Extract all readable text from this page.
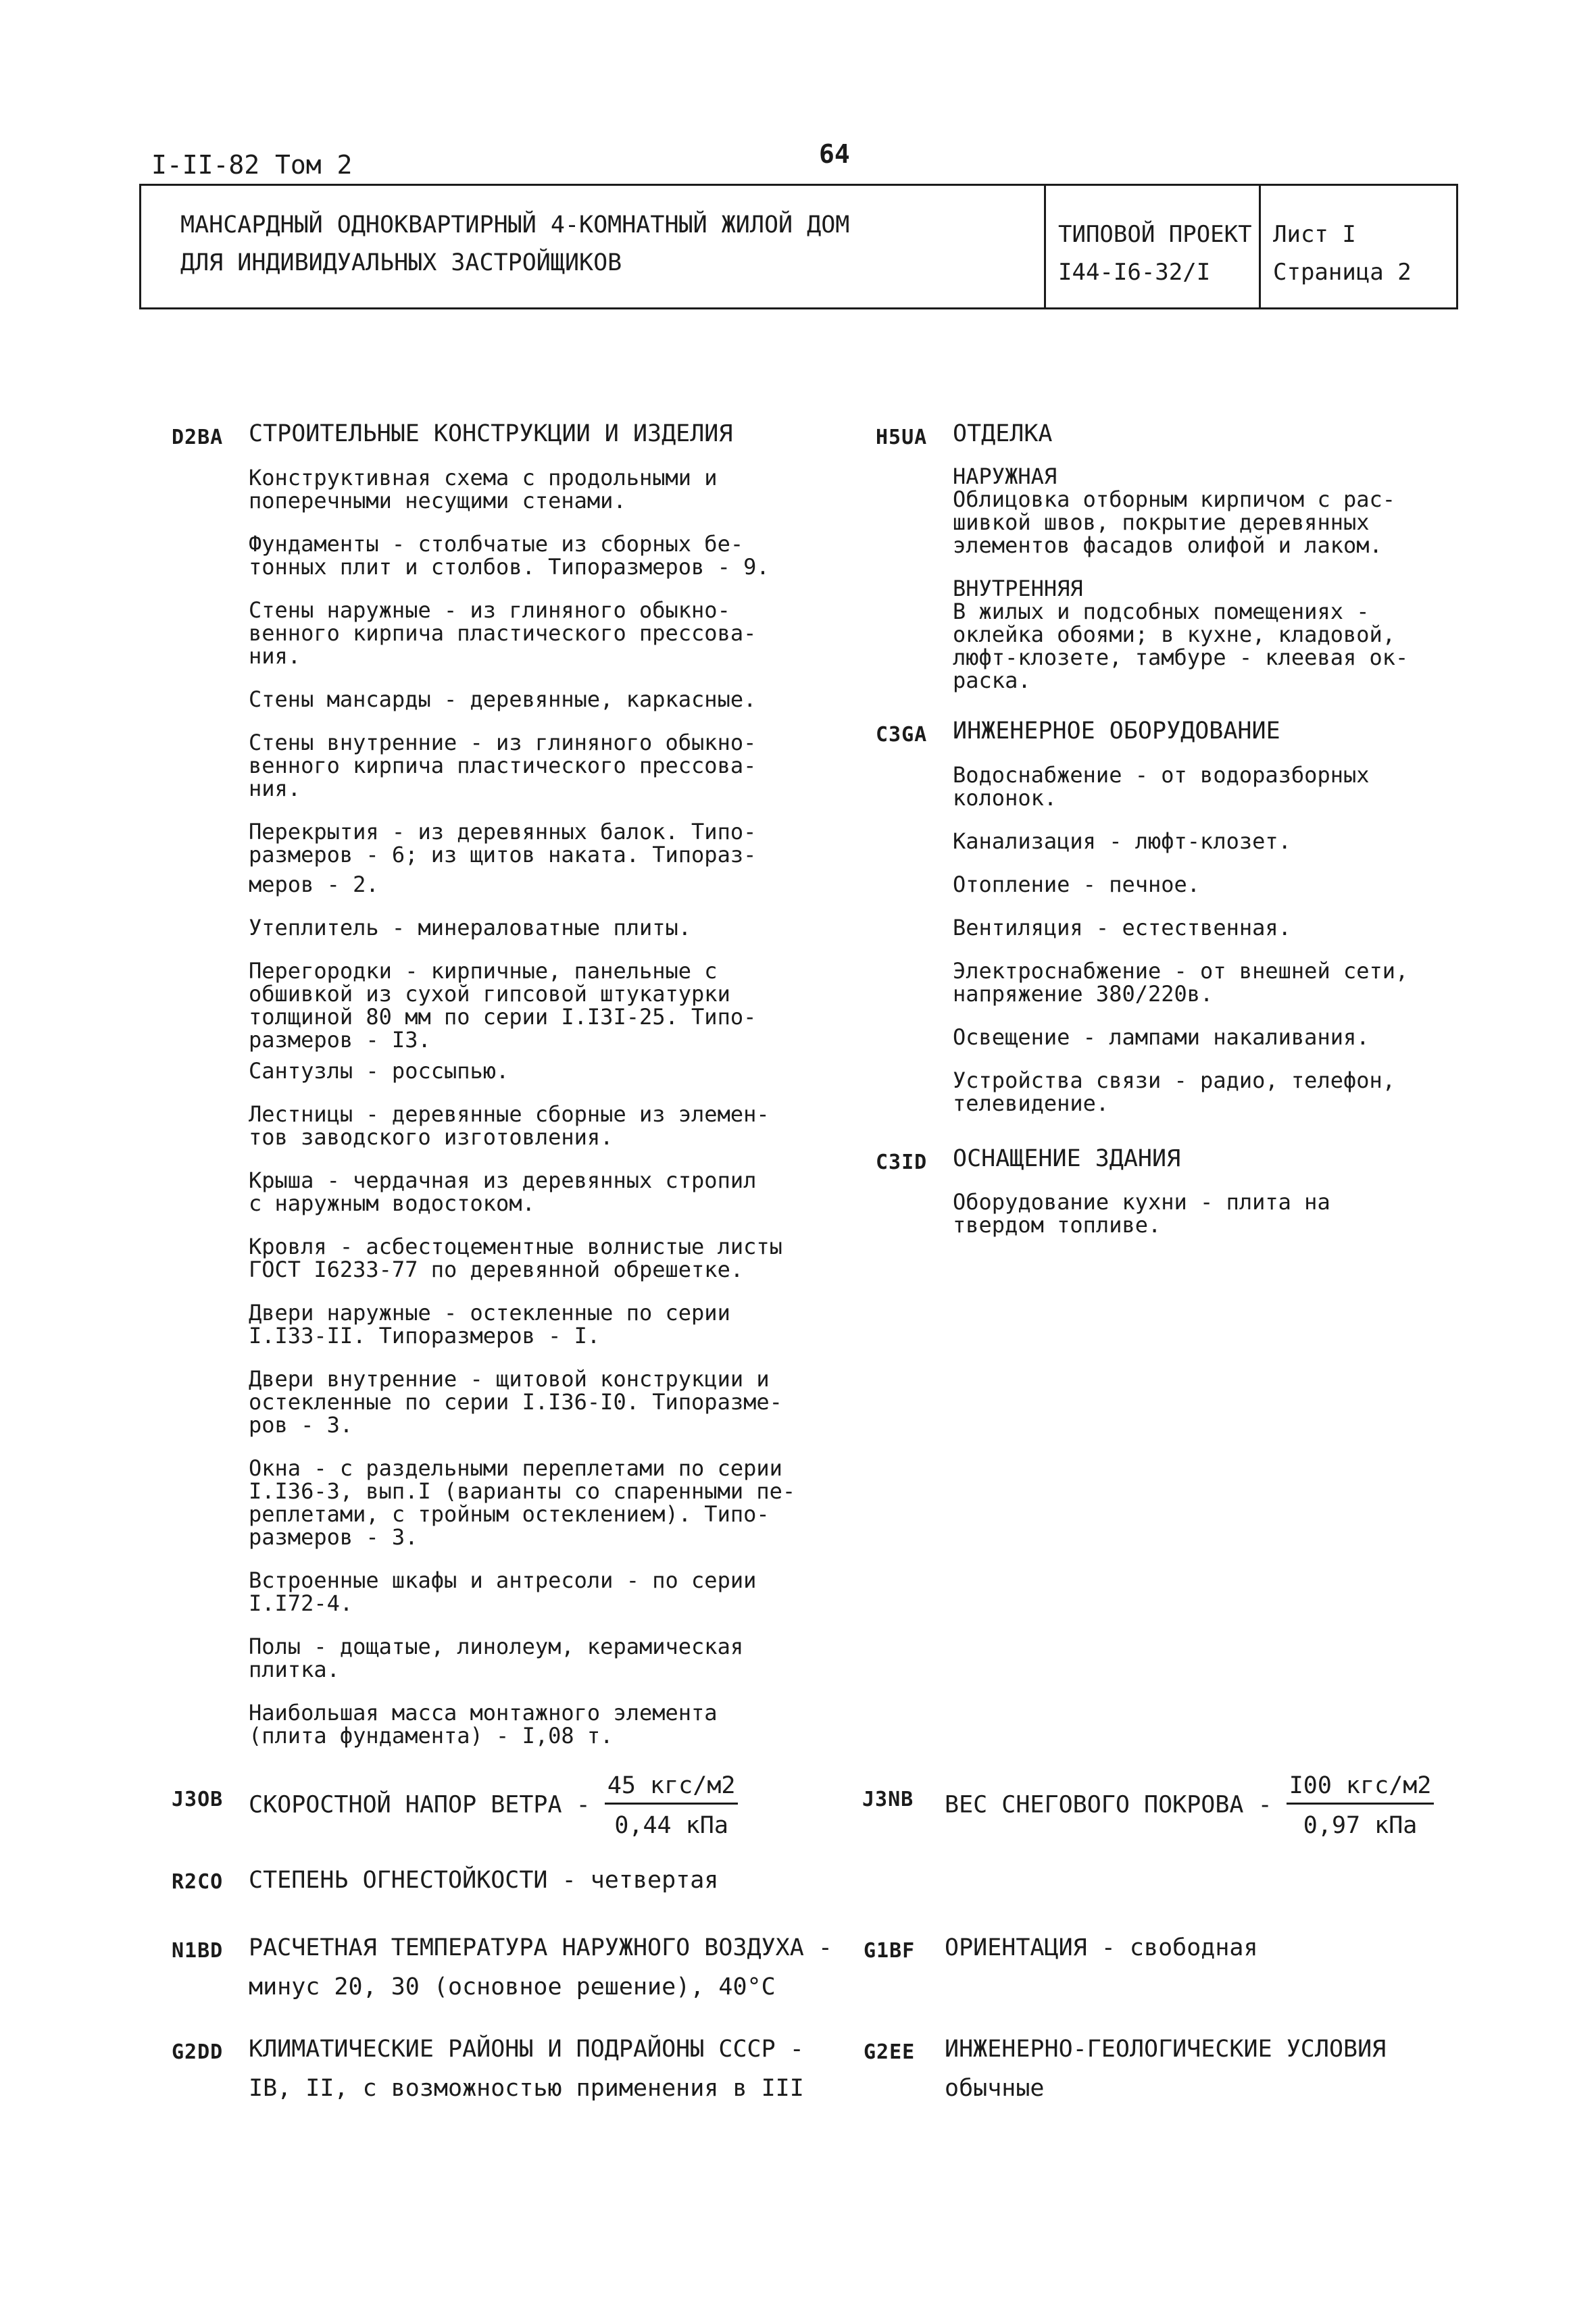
I-II-82 Том 2	64
МАНСАРДНЫЙ ОДНОКВАРТИРНЫЙ 4-КОМНАТНЫЙ ЖИЛОЙ ДОМ
ДЛЯ ИНДИВИДУАЛЬНЫХ ЗАСТРОЙЩИКОВ
ТИПОВОЙ ПРОЕКТ
I44-I6-32/I
Лист I
Страница 2
D2BA СТРОИТЕЛЬНЫЕ КОНСТРУКЦИИ И ИЗДЕЛИЯ
Конструктивная схема с продольными и
поперечными несущими стенами.
Фундаменты - столбчатые из сборных бе-
тонных плит и столбов. Типоразмеров - 9.
Стены наружные - из глиняного обыкно-
венного кирпича пластического прессова-
ния.
Стены мансарды - деревянные, каркасные.
Стены внутренние - из глиняного обыкно-
венного кирпича пластического прессова-
ния.
Перекрытия - из деревянных балок. Типо-
размеров - 6; из щитов наката. Типораз-
меров - 2.
Утеплитель - минераловатные плиты.
Перегородки - кирпичные, панельные с
обшивкой из сухой гипсовой штукатурки
толщиной 80 мм по серии I.I3I-25. Типо-
размеров - I3.
Сантузлы - россыпью.
Лестницы - деревянные сборные из элемен-
тов заводского изготовления.
Крыша - чердачная из деревянных стропил
с наружным водостоком.
Кровля - асбестоцементные волнистые листы
ГОСТ I6233-77 по деревянной обрешетке.
Двери наружные - остекленные по серии
I.I33-II. Типоразмеров - I.
Двери внутренние - щитовой конструкции и
остекленные по серии I.I36-I0. Типоразме-
ров - 3.
Окна - с раздельными переплетами по серии
I.I36-3, вып.I (варианты со спаренными пе-
реплетами, с тройным остеклением). Типо-
размеров - 3.
Встроенные шкафы и антресоли - по серии
I.I72-4.
Полы - дощатые, линолеум, керамическая
плитка.
Наибольшая масса монтажного элемента
(плита фундамента) - I,08 т.
H5UA ОТДЕЛКА
НАРУЖНАЯ
Облицовка отборным кирпичом с рас-
шивкой швов, покрытие деревянных
элементов фасадов олифой и лаком.
ВНУТРЕННЯЯ
В жилых и подсобных помещениях -
оклейка обоями; в кухне, кладовой,
люфт-клозете, тамбуре - клеевая ок-
раска.
C3GA ИНЖЕНЕРНОЕ ОБОРУДОВАНИЕ
Водоснабжение - от водоразборных
колонок.
Канализация - люфт-клозет.
Отопление - печное.
Вентиляция - естественная.
Электроснабжение - от внешней сети,
напряжение 380/220в.
Освещение - лампами накаливания.
Устройства связи - радио, телефон,
телевидение.
C3ID ОСНАЩЕНИЕ ЗДАНИЯ
Оборудование кухни - плита на
твердом топливе.
J3OB СКОРОСТНОЙ НАПОР ВЕТРА - $\frac{\text{45 кгс/м2}}{\text{0,44 кПа}}$	J3NB ВЕС СНЕГОВОГО ПОКРОВА - $\frac{\text{I00 кгс/м2}}{\text{0,97 кПа}}$
R2CO СТЕПЕНЬ ОГНЕСТОЙКОСТИ - четвертая
N1BD РАСЧЕТНАЯ ТЕМПЕРАТУРА НАРУЖНОГО ВОЗДУХА -
минус 20, 30 (основное решение), 40°С
G1BF ОРИЕНТАЦИЯ - свободная
G2DD КЛИМАТИЧЕСКИЕ РАЙОНЫ И ПОДРАЙОНЫ СССР -
IВ, II, с возможностью применения в III
G2EE ИНЖЕНЕРНО-ГЕОЛОГИЧЕСКИЕ УСЛОВИЯ
обычные
